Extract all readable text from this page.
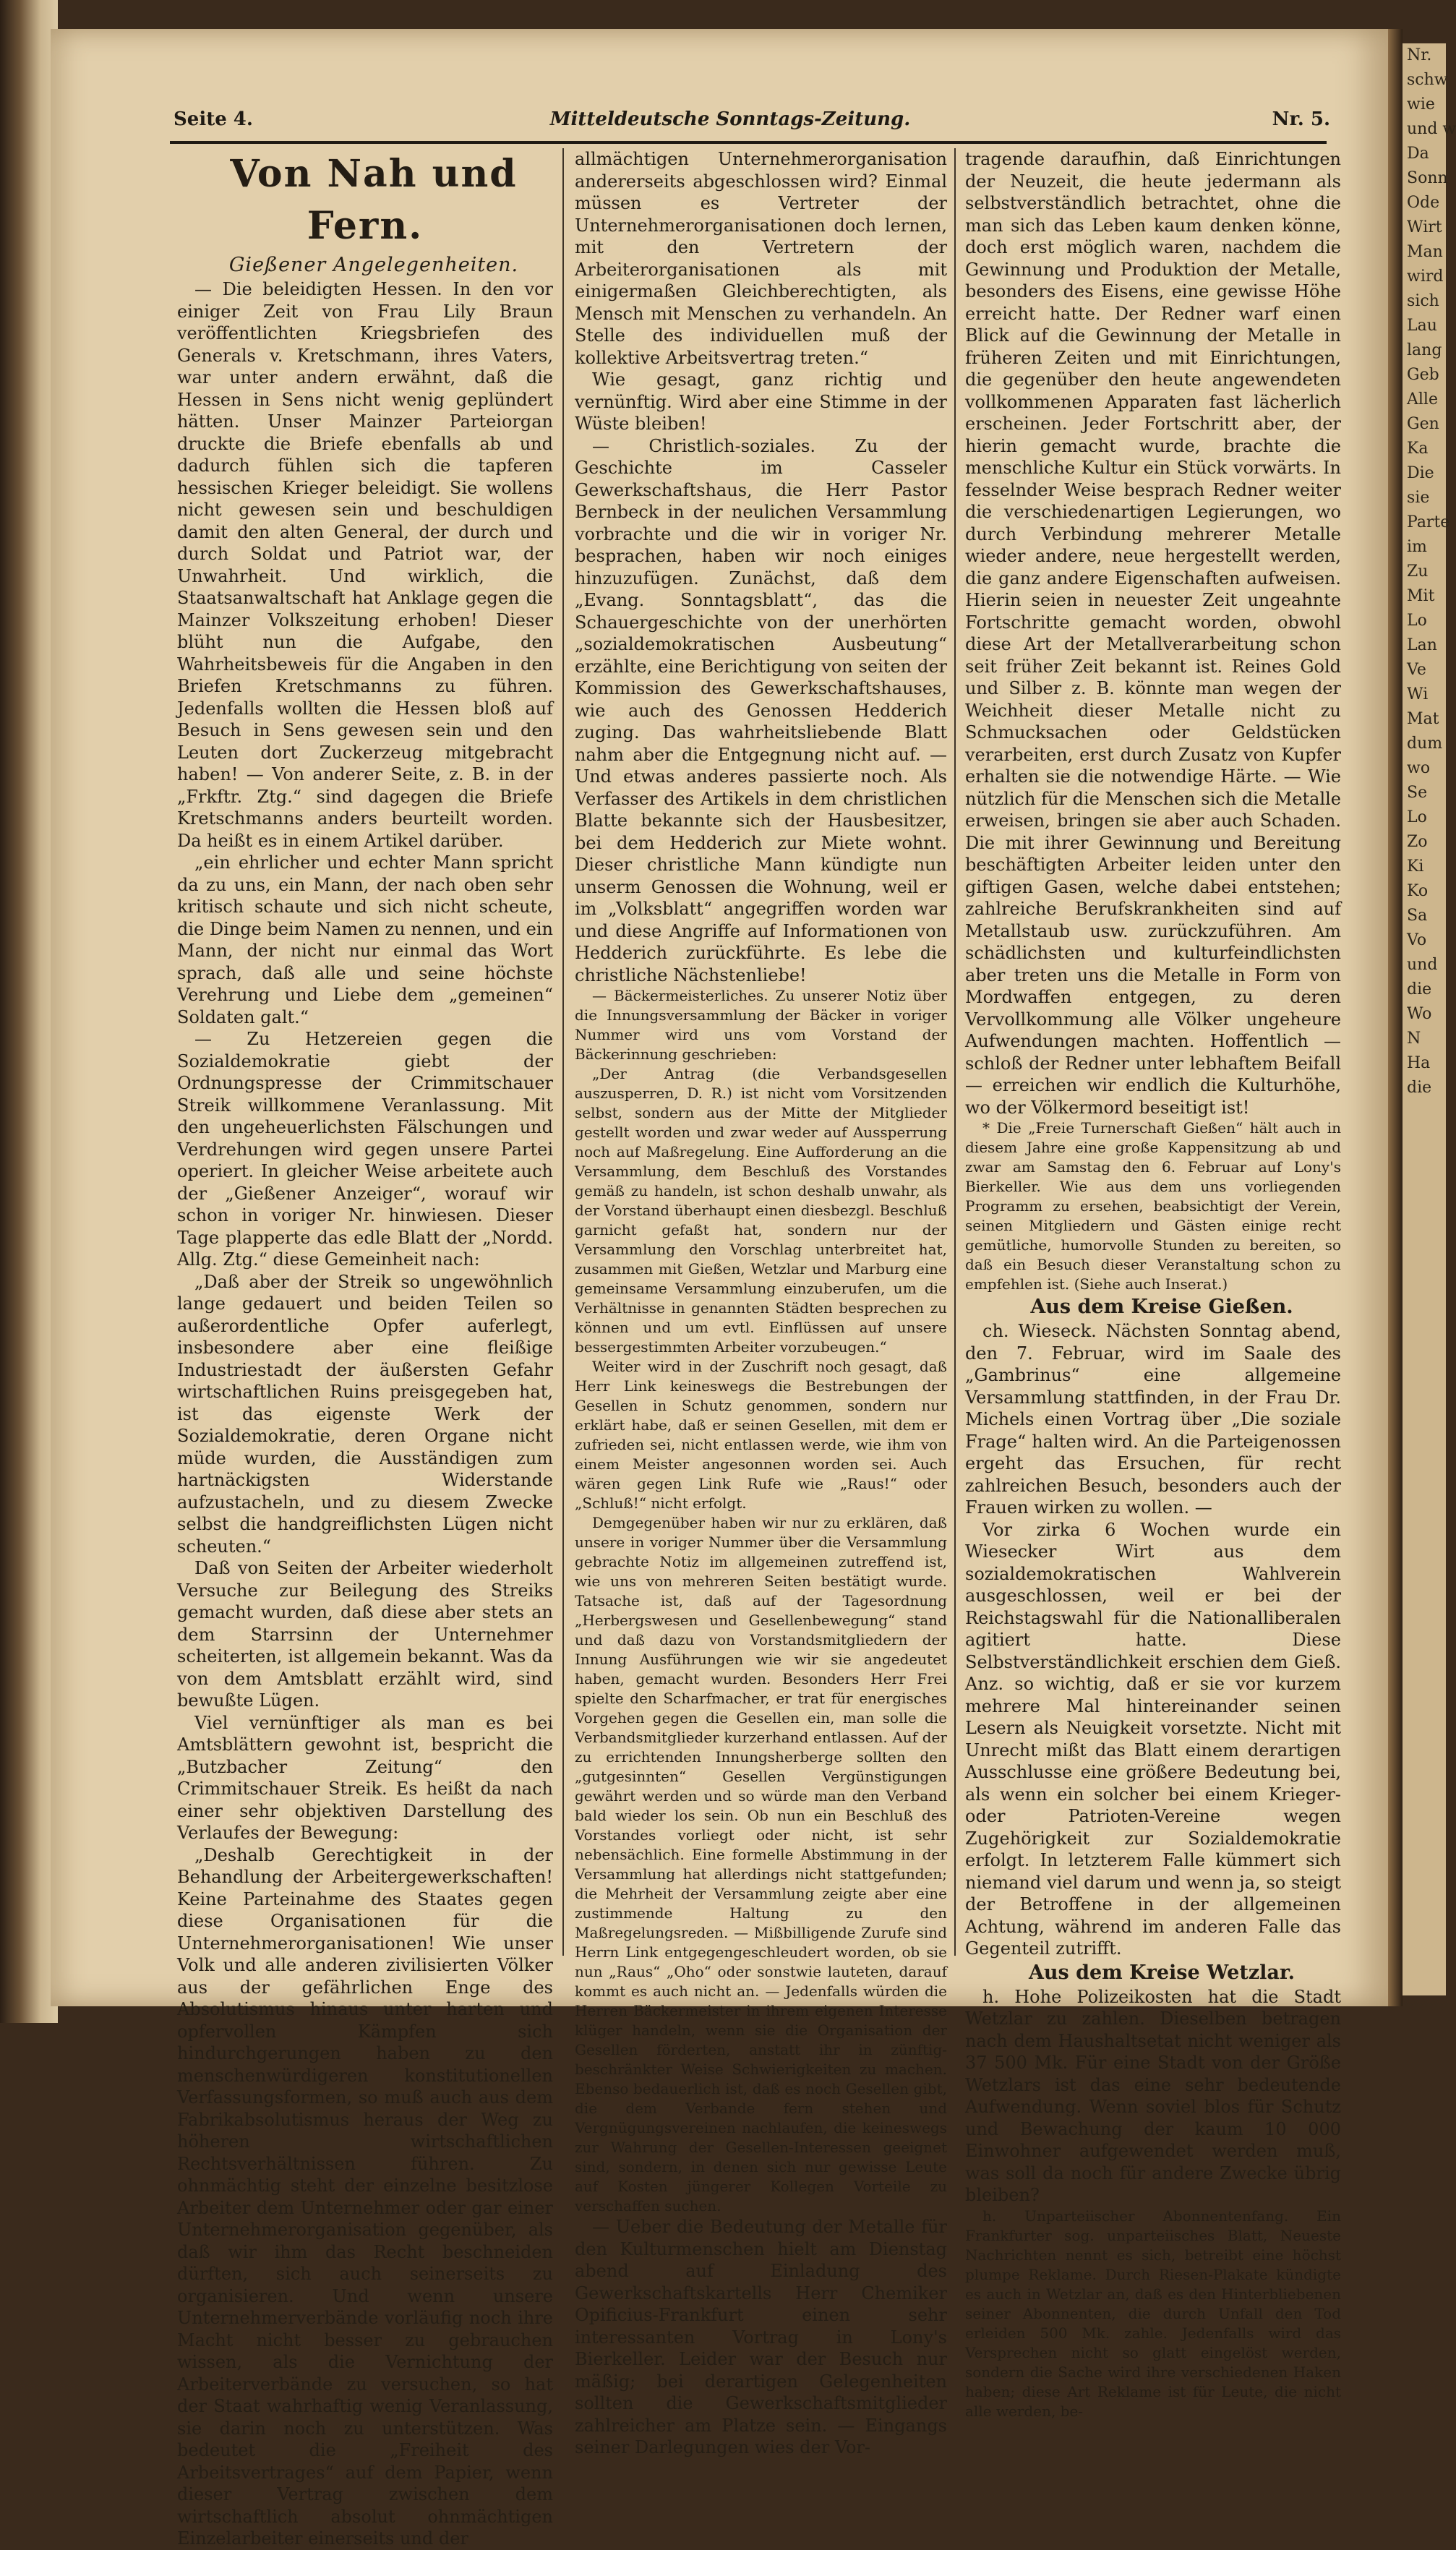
Nr.
schw
wie
und w
Da
Sonn
Ode
Wirt
Man
wird
sich
Lau
lang
Geb
Alle
Gen
Ka
Die
sie
Parte
im
Zu
Mit
Lo
Lan
Ve
Wi
Mat
dum
wo
Se
Lo
Zo
Ki
Ko
Sa
Vo
und
die
Wo
N
Ha
die
Seite 4.	Mitteldeutsche Sonntags-Zeitung.	Nr. 5.

Von Nah und Fern.

Gießener Angelegenheiten.

— Die beleidigten Hessen. In den vor einiger Zeit von Frau Lily Braun veröffentlichten Kriegsbriefen des Generals v. Kretschmann, ihres Vaters, war unter andern erwähnt, daß die Hessen in Sens nicht wenig geplündert hätten. Unser Mainzer Parteiorgan druckte die Briefe ebenfalls ab und dadurch fühlen sich die tapferen hessischen Krieger beleidigt. Sie wollens nicht gewesen sein und beschuldigen damit den alten General, der durch und durch Soldat und Patriot war, der Unwahrheit. Und wirklich, die Staatsanwaltschaft hat Anklage gegen die Mainzer Volkszeitung erhoben! Dieser blüht nun die Aufgabe, den Wahrheitsbeweis für die Angaben in den Briefen Kretschmanns zu führen. Jedenfalls wollten die Hessen bloß auf Besuch in Sens gewesen sein und den Leuten dort Zuckerzeug mitgebracht haben! — Von anderer Seite, z. B. in der „Frkftr. Ztg.“ sind dagegen die Briefe Kretschmanns anders beurteilt worden. Da heißt es in einem Artikel darüber.

„ein ehrlicher und echter Mann spricht da zu uns, ein Mann, der nach oben sehr kritisch schaute und sich nicht scheute, die Dinge beim Namen zu nennen, und ein Mann, der nicht nur einmal das Wort sprach, daß alle und seine höchste Verehrung und Liebe dem „gemeinen“ Soldaten galt.“

— Zu Hetzereien gegen die Sozialdemokratie giebt der Ordnungspresse der Crimmitschauer Streik willkommene Veranlassung. Mit den ungeheuerlichsten Fälschungen und Verdrehungen wird gegen unsere Partei operiert. In gleicher Weise arbeitete auch der „Gießener Anzeiger“, worauf wir schon in voriger Nr. hinwiesen. Dieser Tage plapperte das edle Blatt der „Nordd. Allg. Ztg.“ diese Gemeinheit nach:

„Daß aber der Streik so ungewöhnlich lange gedauert und beiden Teilen so außerordentliche Opfer auferlegt, insbesondere aber eine fleißige Industriestadt der äußersten Gefahr wirtschaftlichen Ruins preisgegeben hat, ist das eigenste Werk der Sozialdemokratie, deren Organe nicht müde wurden, die Ausständigen zum hartnäckigsten Widerstande aufzustacheln, und zu diesem Zwecke selbst die handgreiflichsten Lügen nicht scheuten.“

Daß von Seiten der Arbeiter wiederholt Versuche zur Beilegung des Streiks gemacht wurden, daß diese aber stets an dem Starrsinn der Unternehmer scheiterten, ist allgemein bekannt. Was da von dem Amtsblatt erzählt wird, sind bewußte Lügen.

Viel vernünftiger als man es bei Amtsblättern gewohnt ist, bespricht die „Butzbacher Zeitung“ den Crimmitschauer Streik. Es heißt da nach einer sehr objektiven Darstellung des Verlaufes der Bewegung:

„Deshalb Gerechtigkeit in der Behandlung der Arbeitergewerkschaften! Keine Parteinahme des Staates gegen diese Organisationen für die Unternehmerorganisationen! Wie unser Volk und alle anderen zivilisierten Völker aus der gefährlichen Enge des Absolutismus hinaus unter harten und opfervollen Kämpfen sich hindurchgerungen haben zu den menschenwürdigeren konstitutionellen Verfassungsformen, so muß auch aus dem Fabrikabsolutismus heraus der Weg zu höheren wirtschaftlichen Rechtsverhältnissen führen. Zu ohnmächtig steht der einzelne besitzlose Arbeiter dem Unternehmer oder gar einer Unternehmerorganisation gegenüber, als daß wir ihm das Recht beschneiden dürften, sich auch seinerseits zu organisieren. Und wenn unsere Unternehmerverbände vorläufig noch ihre Macht nicht besser zu gebrauchen wissen, als die Vernichtung der Arbeiterverbände zu versuchen, so hat der Staat wahrhaftig wenig Veranlassung, sie darin noch zu unterstützen. Was bedeutet die „Freiheit des Arbeitsvertrages“ auf dem Papier, wenn dieser Vertrag zwischen dem wirtschaftlich absolut ohnmächtigen Einzelarbeiter einerseits und der

allmächtigen Unternehmerorganisation andererseits abgeschlossen wird? Einmal müssen es Vertreter der Unternehmerorganisationen doch lernen, mit den Vertretern der Arbeiterorganisationen als mit einigermaßen Gleichberechtigten, als Mensch mit Menschen zu verhandeln. An Stelle des individuellen muß der kollektive Arbeitsvertrag treten.“

Wie gesagt, ganz richtig und vernünftig. Wird aber eine Stimme in der Wüste bleiben!

— Christlich-soziales. Zu der Geschichte im Casseler Gewerkschaftshaus, die Herr Pastor Bernbeck in der neulichen Versammlung vorbrachte und die wir in voriger Nr. besprachen, haben wir noch einiges hinzuzufügen. Zunächst, daß dem „Evang. Sonntagsblatt“, das die Schauergeschichte von der unerhörten „sozialdemokratischen Ausbeutung“ erzählte, eine Berichtigung von seiten der Kommission des Gewerkschaftshauses, wie auch des Genossen Hedderich zuging. Das wahrheitsliebende Blatt nahm aber die Entgegnung nicht auf. — Und etwas anderes passierte noch. Als Verfasser des Artikels in dem christlichen Blatte bekannte sich der Hausbesitzer, bei dem Hedderich zur Miete wohnt. Dieser christliche Mann kündigte nun unserm Genossen die Wohnung, weil er im „Volksblatt“ angegriffen worden war und diese Angriffe auf Informationen von Hedderich zurückführte. Es lebe die christliche Nächstenliebe!

— Bäckermeisterliches. Zu unserer Notiz über die Innungsversammlung der Bäcker in voriger Nummer wird uns vom Vorstand der Bäckerinnung geschrieben:

„Der Antrag (die Verbandsgesellen auszusperren, D. R.) ist nicht vom Vorsitzenden selbst, sondern aus der Mitte der Mitglieder gestellt worden und zwar weder auf Aussperrung noch auf Maßregelung. Eine Aufforderung an die Versammlung, dem Beschluß des Vorstandes gemäß zu handeln, ist schon deshalb unwahr, als der Vorstand überhaupt einen diesbezgl. Beschluß garnicht gefaßt hat, sondern nur der Versammlung den Vorschlag unterbreitet hat, zusammen mit Gießen, Wetzlar und Marburg eine gemeinsame Versammlung einzuberufen, um die Verhältnisse in genannten Städten besprechen zu können und um evtl. Einflüssen auf unsere bessergestimmten Arbeiter vorzubeugen.“

Weiter wird in der Zuschrift noch gesagt, daß Herr Link keineswegs die Bestrebungen der Gesellen in Schutz genommen, sondern nur erklärt habe, daß er seinen Gesellen, mit dem er zufrieden sei, nicht entlassen werde, wie ihm von einem Meister angesonnen worden sei. Auch wären gegen Link Rufe wie „Raus!“ oder „Schluß!“ nicht erfolgt.

Demgegenüber haben wir nur zu erklären, daß unsere in voriger Nummer über die Versammlung gebrachte Notiz im allgemeinen zutreffend ist, wie uns von mehreren Seiten bestätigt wurde. Tatsache ist, daß auf der Tagesordnung „Herbergswesen und Gesellenbewegung“ stand und daß dazu von Vorstandsmitgliedern der Innung Ausführungen wie wir sie angedeutet haben, gemacht wurden. Besonders Herr Frei spielte den Scharfmacher, er trat für energisches Vorgehen gegen die Gesellen ein, man solle die Verbandsmitglieder kurzerhand entlassen. Auf der zu errichtenden Innungsherberge sollten den „gutgesinnten“ Gesellen Vergünstigungen gewährt werden und so würde man den Verband bald wieder los sein. Ob nun ein Beschluß des Vorstandes vorliegt oder nicht, ist sehr nebensächlich. Eine formelle Abstimmung in der Versammlung hat allerdings nicht stattgefunden; die Mehrheit der Versammlung zeigte aber eine zustimmende Haltung zu den Maßregelungsreden. — Mißbilligende Zurufe sind Herrn Link entgegengeschleudert worden, ob sie nun „Raus“ „Oho“ oder sonstwie lauteten, darauf kommt es auch nicht an. — Jedenfalls würden die Herren Bäckermeister in ihrem eigenen Interesse klüger handeln, wenn sie die Organisation der Gesellen förderten, anstatt ihr in zünftig-beschränkter Weise Schwierigkeiten zu machen. Ebenso bedauerlich ist, daß es noch Gesellen gibt, die dem Verbande fern stehen und Vergnügungsvereinen nachlaufen, die keineswegs zur Wahrung der Gesellen-Interessen geeignet sind, sondern, in denen sich nur gewisse Leute auf Kosten jüngerer Kollegen Vorteile zu verschaffen suchen.

— Ueber die Bedeutung der Metalle für den Kulturmenschen hielt am Dienstag abend auf Einladung des Gewerkschaftskartells Herr Chemiker Opificius-Frankfurt einen sehr interessanten Vortrag in Lony's Bierkeller. Leider war der Besuch nur mäßig; bei derartigen Gelegenheiten sollten die Gewerkschaftsmitglieder zahlreicher am Platze sein. — Eingangs seiner Darlegungen wies der Vor-

tragende daraufhin, daß Einrichtungen der Neuzeit, die heute jedermann als selbstverständlich betrachtet, ohne die man sich das Leben kaum denken könne, doch erst möglich waren, nachdem die Gewinnung und Produktion der Metalle, besonders des Eisens, eine gewisse Höhe erreicht hatte. Der Redner warf einen Blick auf die Gewinnung der Metalle in früheren Zeiten und mit Einrichtungen, die gegenüber den heute angewendeten vollkommenen Apparaten fast lächerlich erscheinen. Jeder Fortschritt aber, der hierin gemacht wurde, brachte die menschliche Kultur ein Stück vorwärts. In fesselnder Weise besprach Redner weiter die verschiedenartigen Legierungen, wo durch Verbindung mehrerer Metalle wieder andere, neue hergestellt werden, die ganz andere Eigenschaften aufweisen. Hierin seien in neuester Zeit ungeahnte Fortschritte gemacht worden, obwohl diese Art der Metallverarbeitung schon seit früher Zeit bekannt ist. Reines Gold und Silber z. B. könnte man wegen der Weichheit dieser Metalle nicht zu Schmucksachen oder Geldstücken verarbeiten, erst durch Zusatz von Kupfer erhalten sie die notwendige Härte. — Wie nützlich für die Menschen sich die Metalle erweisen, bringen sie aber auch Schaden. Die mit ihrer Gewinnung und Bereitung beschäftigten Arbeiter leiden unter den giftigen Gasen, welche dabei entstehen; zahlreiche Berufskrankheiten sind auf Metallstaub usw. zurückzuführen. Am schädlichsten und kulturfeindlichsten aber treten uns die Metalle in Form von Mordwaffen entgegen, zu deren Vervollkommung alle Völker ungeheure Aufwendungen machten. Hoffentlich — schloß der Redner unter lebhaftem Beifall — erreichen wir endlich die Kulturhöhe, wo der Völkermord beseitigt ist!

* Die „Freie Turnerschaft Gießen“ hält auch in diesem Jahre eine große Kappensitzung ab und zwar am Samstag den 6. Februar auf Lony's Bierkeller. Wie aus dem uns vorliegenden Programm zu ersehen, beabsichtigt der Verein, seinen Mitgliedern und Gästen einige recht gemütliche, humorvolle Stunden zu bereiten, so daß ein Besuch dieser Veranstaltung schon zu empfehlen ist. (Siehe auch Inserat.)

Aus dem Kreise Gießen.

ch. Wieseck. Nächsten Sonntag abend, den 7. Februar, wird im Saale des „Gambrinus“ eine allgemeine Versammlung stattfinden, in der Frau Dr. Michels einen Vortrag über „Die soziale Frage“ halten wird. An die Parteigenossen ergeht das Ersuchen, für recht zahlreichen Besuch, besonders auch der Frauen wirken zu wollen. —

Vor zirka 6 Wochen wurde ein Wiesecker Wirt aus dem sozialdemokratischen Wahlverein ausgeschlossen, weil er bei der Reichstagswahl für die Nationalliberalen agitiert hatte. Diese Selbstverständlichkeit erschien dem Gieß. Anz. so wichtig, daß er sie vor kurzem mehrere Mal hintereinander seinen Lesern als Neuigkeit vorsetzte. Nicht mit Unrecht mißt das Blatt einem derartigen Ausschlusse eine größere Bedeutung bei, als wenn ein solcher bei einem Krieger- oder Patrioten-Vereine wegen Zugehörigkeit zur Sozialdemokratie erfolgt. In letzterem Falle kümmert sich niemand viel darum und wenn ja, so steigt der Betroffene in der allgemeinen Achtung, während im anderen Falle das Gegenteil zutrifft.

Aus dem Kreise Wetzlar.

h. Hohe Polizeikosten hat die Stadt Wetzlar zu zahlen. Dieselben betragen nach dem Haushaltsetat nicht weniger als 37 500 Mk. Für eine Stadt von der Größe Wetzlars ist das eine sehr bedeutende Aufwendung. Wenn soviel blos für Schutz und Bewachung der kaum 10 000 Einwohner aufgewendet werden muß, was soll da noch für andere Zwecke übrig bleiben?

h. Unparteiischer Abonnentenfang. Ein Frankfurter sog. unparteiisches Blatt, Neueste Nachrichten nennt es sich, betreibt eine höchst plumpe Reklame. Durch Riesen-Plakate kündigte es auch in Wetzlar an, daß es den Hinterbliebenen seiner Abonnenten, die durch Unfall den Tod erleiden 500 Mk. zahle. Jedenfalls wird das Versprechen nicht so glatt eingelöst werden, sondern die Sache wird ihre verschiedenen Haken haben; diese Art Reklame ist für Leute, die nicht alle werden, be-
